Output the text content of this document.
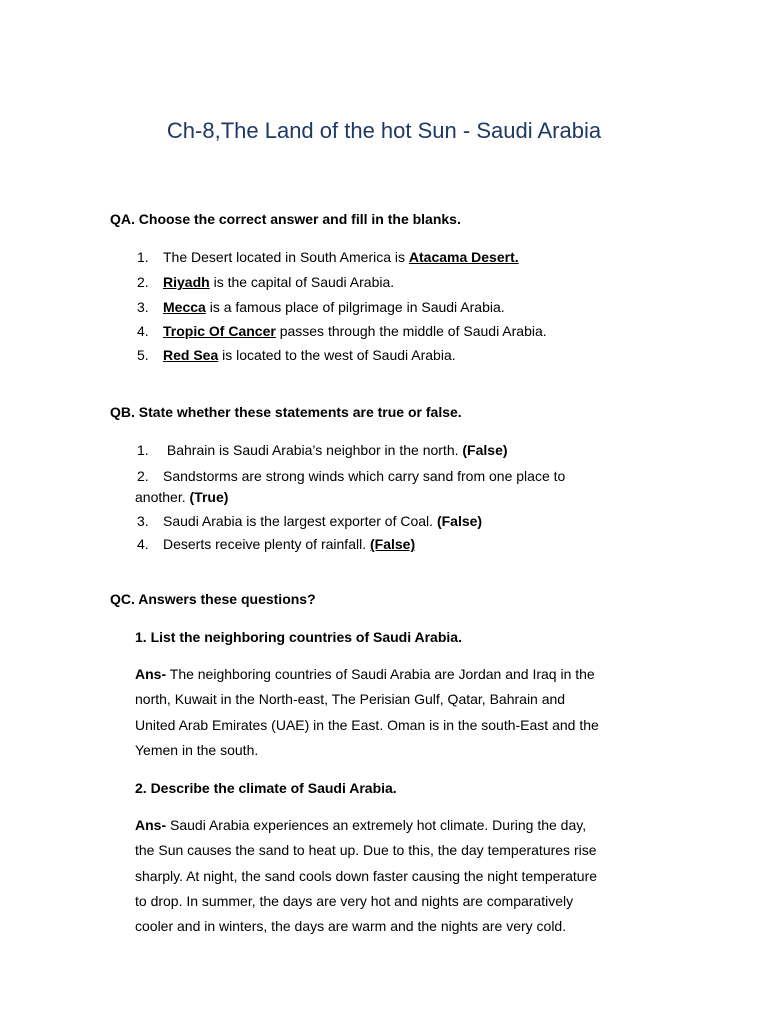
Ch-8,The Land of the hot Sun - Saudi Arabia
QA. Choose the correct answer and fill in the blanks.
1. The Desert located in South America is Atacama Desert.
2. Riyadh is the capital of Saudi Arabia.
3. Mecca is a famous place of pilgrimage in Saudi Arabia.
4. Tropic Of Cancer passes through the middle of Saudi Arabia.
5. Red Sea is located to the west of Saudi Arabia.
QB. State whether these statements are true or false.
1. Bahrain is Saudi Arabia’s neighbor in the north. (False)
2. Sandstorms are strong winds which carry sand from one place to
another. (True)
3. Saudi Arabia is the largest exporter of Coal. (False)
4. Deserts receive plenty of rainfall. (False)
QC. Answers these questions?
1. List the neighboring countries of Saudi Arabia.
Ans- The neighboring countries of Saudi Arabia are Jordan and Iraq in the
north, Kuwait in the North-east, The Perisian Gulf, Qatar, Bahrain and
United Arab Emirates (UAE) in the East. Oman is in the south-East and the
Yemen in the south.
2. Describe the climate of Saudi Arabia.
Ans- Saudi Arabia experiences an extremely hot climate. During the day,
the Sun causes the sand to heat up. Due to this, the day temperatures rise
sharply. At night, the sand cools down faster causing the night temperature
to drop. In summer, the days are very hot and nights are comparatively
cooler and in winters, the days are warm and the nights are very cold.
